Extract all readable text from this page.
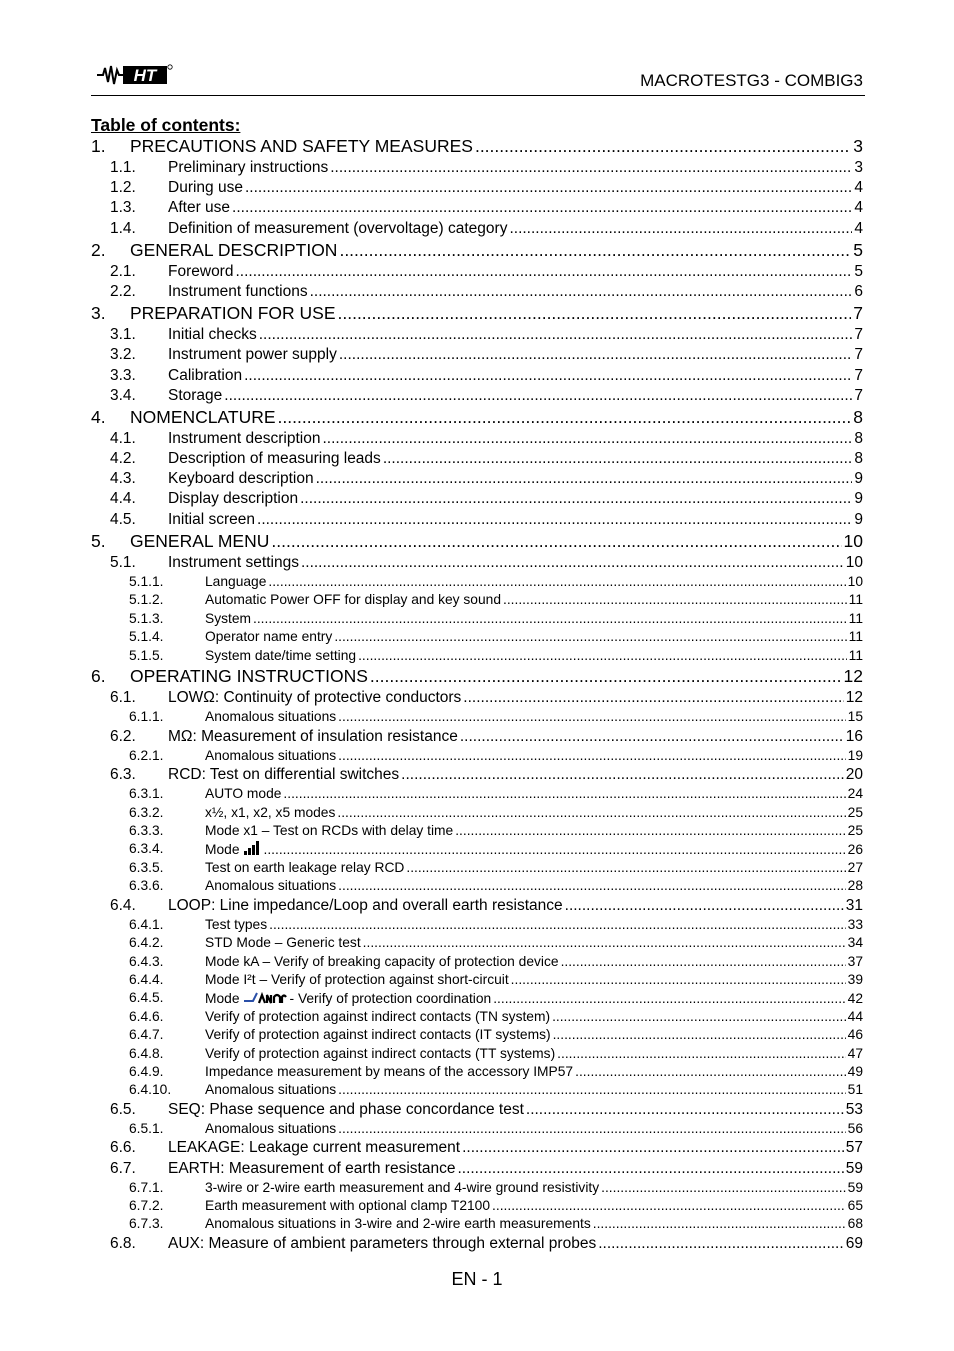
HT	MACROTESTG3 - COMBIG3
Table of contents:
1. PRECAUTIONS AND SAFETY MEASURES .....	3
1.1. Preliminary instructions .....	3
1.2. During use .....	4
1.3. After use .....	4
1.4. Definition of measurement (overvoltage) category .....	4
2. GENERAL DESCRIPTION .....	5
2.1. Foreword .....	5
2.2. Instrument functions .....	6
3. PREPARATION FOR USE .....	7
3.1. Initial checks .....	7
3.2. Instrument power supply .....	7
3.3. Calibration .....	7
3.4. Storage .....	7
4. NOMENCLATURE .....	8
4.1. Instrument description .....	8
4.2. Description of measuring leads .....	8
4.3. Keyboard description .....	9
4.4. Display description .....	9
4.5. Initial screen .....	9
5. GENERAL MENU .....	10
5.1. Instrument settings .....	10
5.1.1.	Language .....	10
5.1.2.	Automatic Power OFF for display and key sound .....	11
5.1.3.	System .....	11
5.1.4.	Operator name entry .....	11
5.1.5.	System date/time setting .....	11
6. OPERATING INSTRUCTIONS .....	12
6.1. LOWΩ: Continuity of protective conductors .....	12
6.1.1.	Anomalous situations .....	15
6.2. MΩ: Measurement of insulation resistance .....	16
6.2.1.	Anomalous situations .....	19
6.3. RCD: Test on differential switches .....	20
6.3.1.	AUTO mode .....	24
6.3.2.	x½, x1, x2, x5 modes .....	25
6.3.3.	Mode x1 – Test on RCDs with delay time .....	25
6.3.4.	Mode .....	26
6.3.5.	Test on earth leakage relay RCD .....	27
6.3.6.	Anomalous situations .....	28
6.4. LOOP: Line impedance/Loop and overall earth resistance .....	31
6.4.1.	Test types .....	33
6.4.2.	STD Mode – Generic test .....	34
6.4.3.	Mode kA – Verify of breaking capacity of protection device .....	37
6.4.4.	Mode I²t – Verify of protection against short-circuit .....	39
6.4.5.	Mode	- Verify of protection coordination .....	42
6.4.6.	Verify of protection against indirect contacts (TN system) .....	44
6.4.7.	Verify of protection against indirect contacts (IT systems) .....	46
6.4.8.	Verify of protection against indirect contacts (TT systems) .....	47
6.4.9.	Impedance measurement by means of the accessory IMP57 .....	49
6.4.10. Anomalous situations .....	51
6.5. SEQ: Phase sequence and phase concordance test .....	53
6.5.1.	Anomalous situations .....	56
6.6. LEAKAGE: Leakage current measurement .....	57
6.7. EARTH: Measurement of earth resistance .....	59
6.7.1.	3-wire or 2-wire earth measurement and 4-wire ground resistivity .....	59
6.7.2.	Earth measurement with optional clamp T2100 .....	65
6.7.3.	Anomalous situations in 3-wire and 2-wire earth measurements .....	68
6.8. AUX: Measure of ambient parameters through external probes .....	69
EN - 1
